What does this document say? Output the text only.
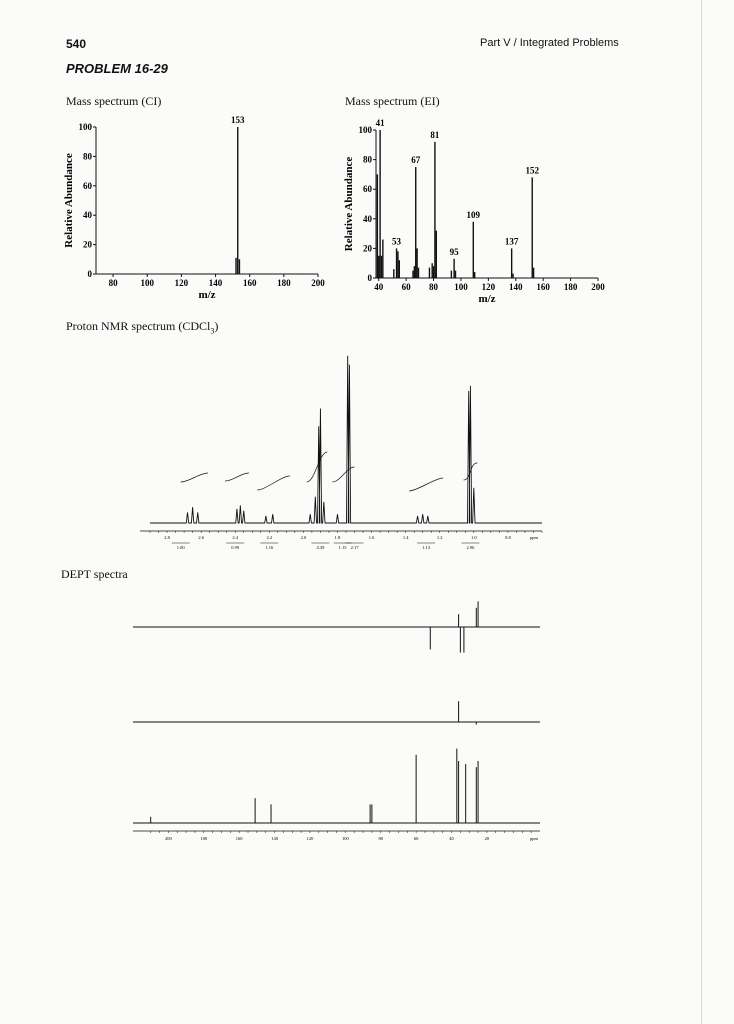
540	Part V / Integrated Problems
PROBLEM 16-29
Mass spectrum (CI)	Mass spectrum (EI)
Proton NMR spectrum (CDCl$_3$)
DEPT spectra
0
20
40
60
80
100
80	100 120 140 160 180 200
153
m/z
Relative Abundance
0
20
40
60
80
100
40 60 80 100 120 140 160 180 200
41
53
67
81
95
109
137
152
m/z
Relative Abundance
2.8	2.6	2.4	2.2	2.0	1.8	1.6	1.4	1.2	1.0	0.8	ppm
1.00	0.99	1.16	4.39	1.15 2.17	1.13	2.96
200	180	160	140	120	100	80	60	40	20	ppm
